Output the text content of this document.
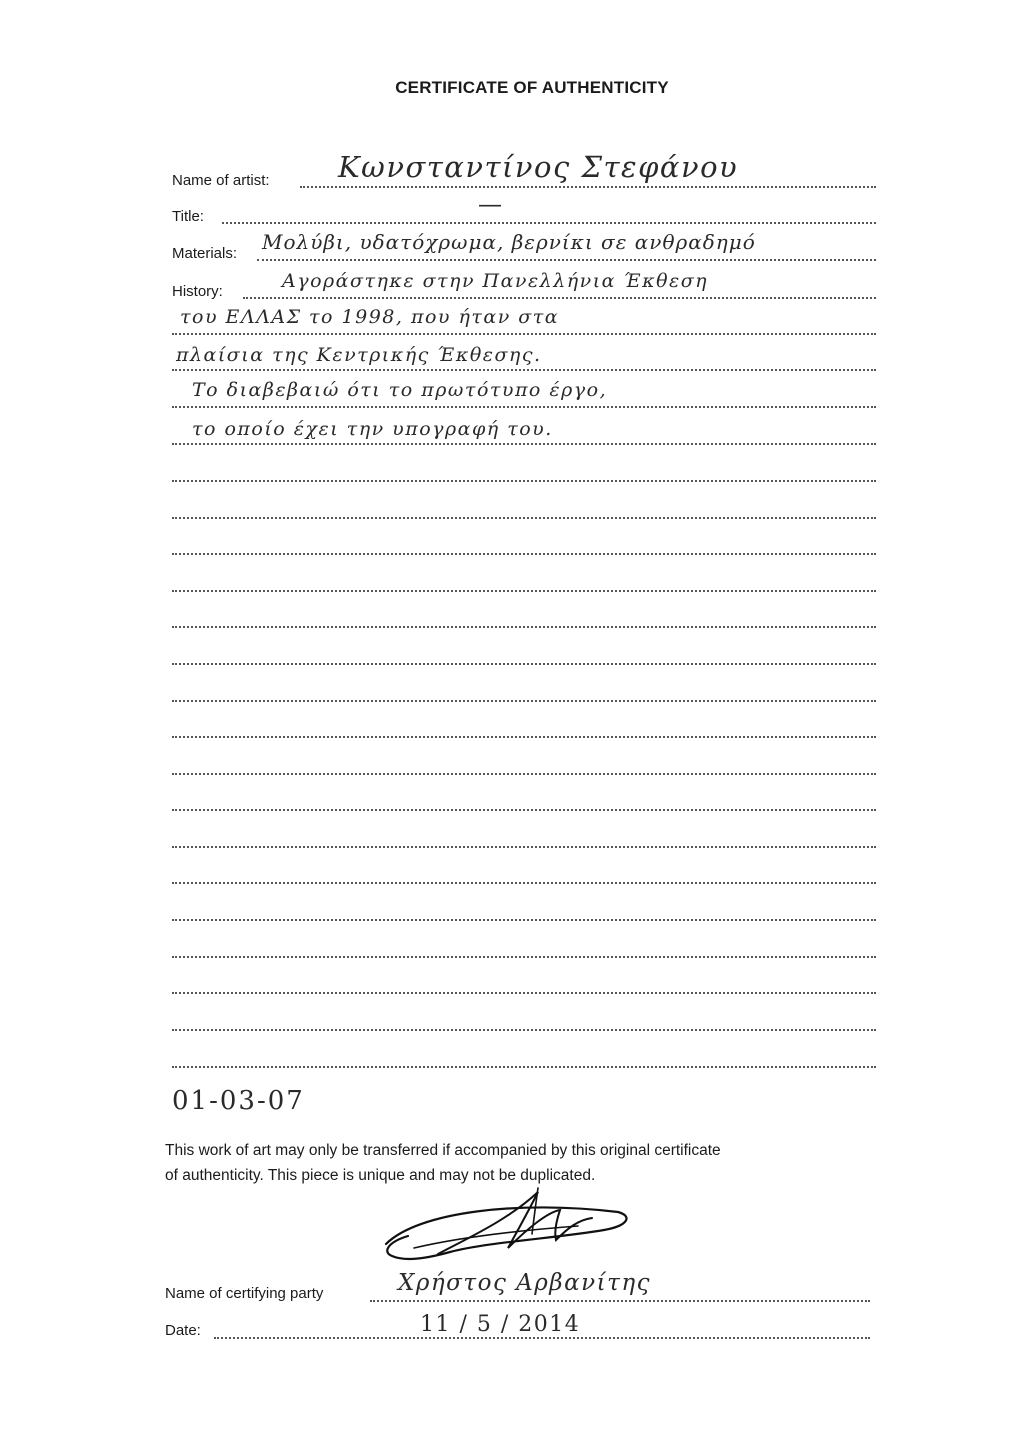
CERTIFICATE OF AUTHENTICITY
Name of artist: Κωνσταντίνος Στεφάνου
Title:	—
Materials: Μολύβι, υδατόχρωμα, βερνίκι σε ανθραδημό
History:	Αγοράστηκε στην Πανελλήνια Έκθεση
του ΕΛΛΑΣ το 1998, που ήταν στα
πλαίσια της Κεντρικής Έκθεσης.
Το διαβεβαιώ ότι το πρωτότυπο έργο,
το οποίο έχει την υπογραφή του.
01-03-07
This work of art may only be transferred if accompanied by this original certificate
of authenticity. This piece is unique and may not be duplicated.
Name of certifying party	Χρήστος Αρβανίτης
Date:	11 / 5 / 2014
